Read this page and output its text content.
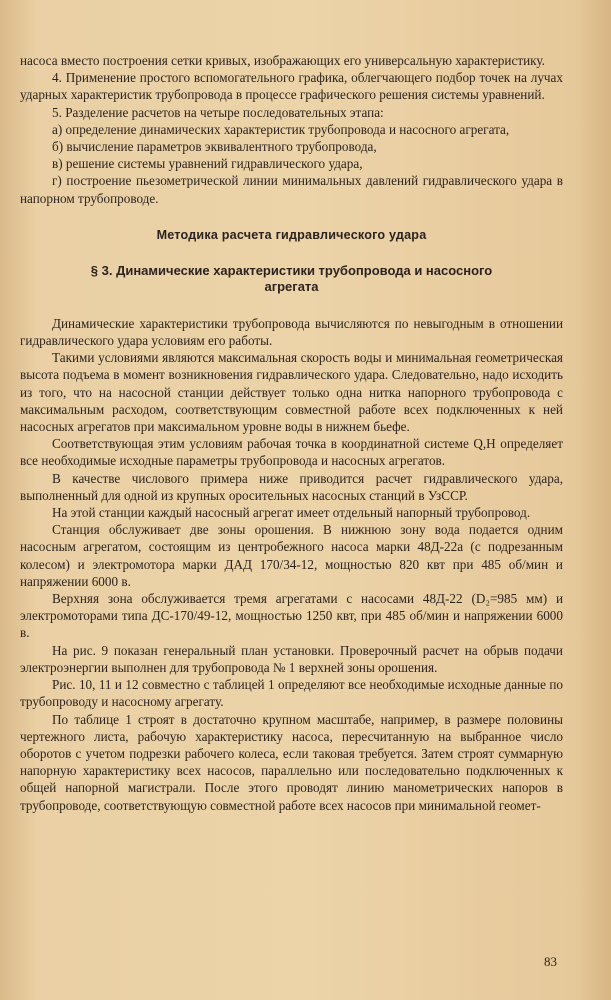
насоса вместо построения сетки кривых, изображающих его универсальную характеристику.

4. Применение простого вспомогательного графика, облегчающего подбор точек на лучах ударных характеристик трубопровода в процессе графического решения системы уравнений.

5. Разделение расчетов на четыре последовательных этапа:

а) определение динамических характеристик трубопровода и насосного агрегата,

б) вычисление параметров эквивалентного трубопровода,

в) решение системы уравнений гидравлического удара,

г) построение пьезометрической линии минимальных давлений гидравлического удара в напорном трубопроводе.

Методика расчета гидравлического удара
§ 3. Динамические характеристики трубопровода и насосного
агрегата

Динамические характеристики трубопровода вычисляются по невыгодным в отношении гидравлического удара условиям его работы.

Такими условиями являются максимальная скорость воды и минимальная геометрическая высота подъема в момент возникновения гидравлического удара. Следовательно, надо исходить из того, что на насосной станции действует только одна нитка напорного трубопровода с максимальным расходом, соответствующим совместной работе всех подключенных к ней насосных агрегатов при максимальном уровне воды в нижнем бьефе.

Соответствующая этим условиям рабочая точка в координатной системе Q,H определяет все необходимые исходные параметры трубопровода и насосных агрегатов.

В качестве числового примера ниже приводится расчет гидравлического удара, выполненный для одной из крупных оросительных насосных станций в УзССР.

На этой станции каждый насосный агрегат имеет отдельный напорный трубопровод.

Станция обслуживает две зоны орошения. В нижнюю зону вода подается одним насосным агрегатом, состоящим из центробежного насоса марки 48Д-22а (с подрезанным колесом) и электромотора марки ДАД 170/34-12, мощностью 820 квт при 485 об/мин и напряжении 6000 в.

Верхняя зона обслуживается тремя агрегатами с насосами 48Д-22 (D₂=985 мм) и электромоторами типа ДС-170/49-12, мощностью 1250 квт, при 485 об/мин и напряжении 6000 в.

На рис. 9 показан генеральный план установки. Проверочный расчет на обрыв подачи электроэнергии выполнен для трубопровода № 1 верхней зоны орошения.

Рис. 10, 11 и 12 совместно с таблицей 1 определяют все необходимые исходные данные по трубопроводу и насосному агрегату.

По таблице 1 строят в достаточно крупном масштабе, например, в размере половины чертежного листа, рабочую характеристику насоса, пересчитанную на выбранное число оборотов с учетом подрезки рабочего колеса, если таковая требуется. Затем строят суммарную напорную характеристику всех насосов, параллельно или последовательно подключенных к общей напорной магистрали. После этого проводят линию манометрических напоров в трубопроводе, соответствующую совместной работе всех насосов при минимальной геомет-

83
